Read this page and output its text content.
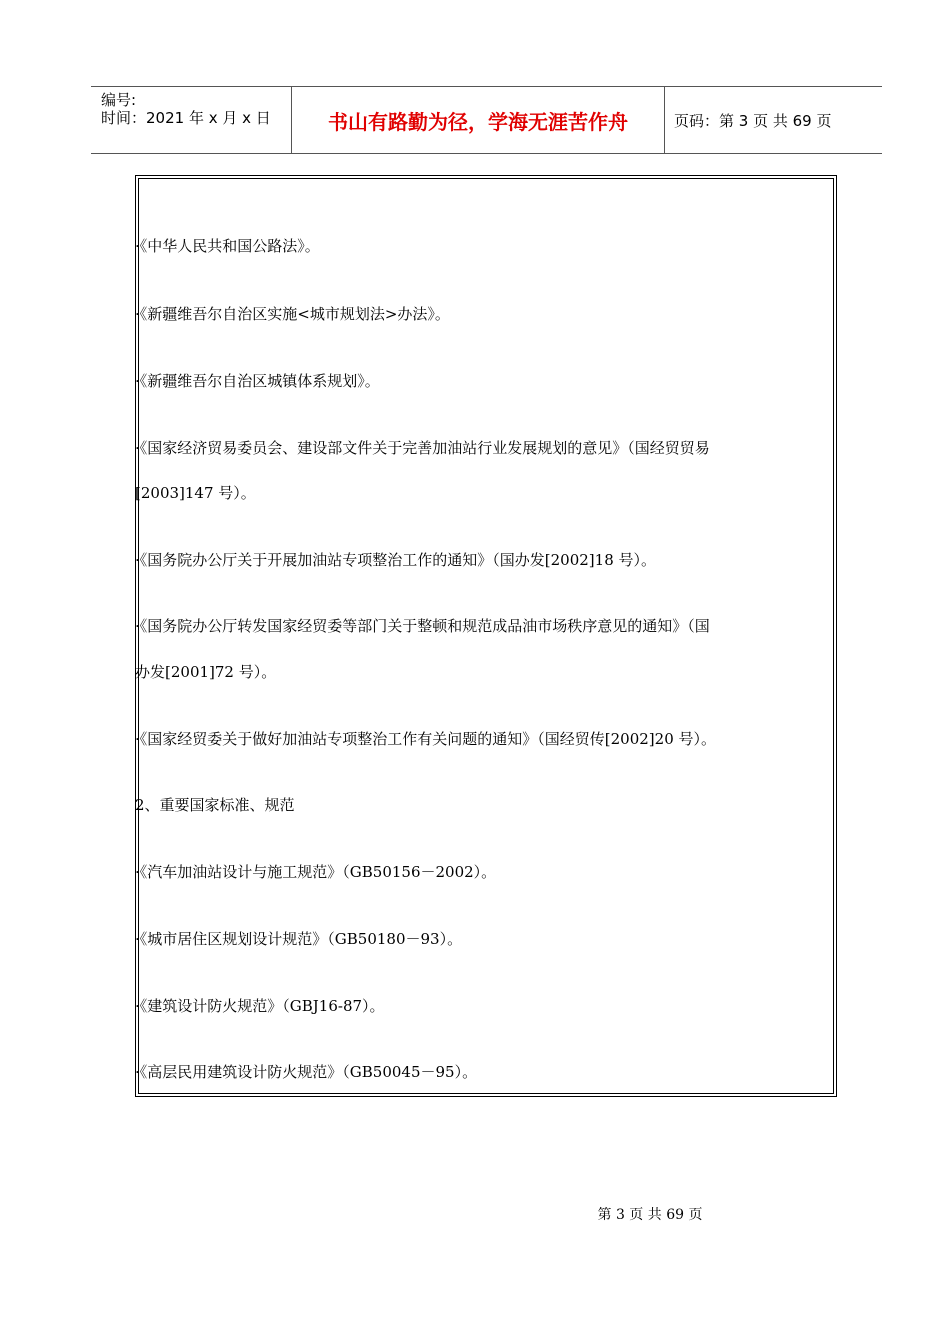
编号:
时间：2021 年 x 月 x 日	书山有路勤为径，学海无涯苦作舟	页码：第 3 页 共 69 页

·《中华人民共和国公路法》。

·《新疆维吾尔自治区实施<城市规划法>办法》。

·《新疆维吾尔自治区城镇体系规划》。

·《国家经济贸易委员会、建设部文件关于完善加油站行业发展规划的意见》（国经贸贸易

[2003]147 号）。

·《国务院办公厅关于开展加油站专项整治工作的通知》（国办发[2002]18 号）。

·《国务院办公厅转发国家经贸委等部门关于整顿和规范成品油市场秩序意见的通知》（国

办发[2001]72 号）。

·《国家经贸委关于做好加油站专项整治工作有关问题的通知》（国经贸传[2002]20 号）。

2、重要国家标准、规范

·《汽车加油站设计与施工规范》（GB50156－2002）。

·《城市居住区规划设计规范》（GB50180－93）。

·《建筑设计防火规范》（GBJ16-87）。

·《高层民用建筑设计防火规范》（GB50045－95）。

第 3 页 共 69 页
